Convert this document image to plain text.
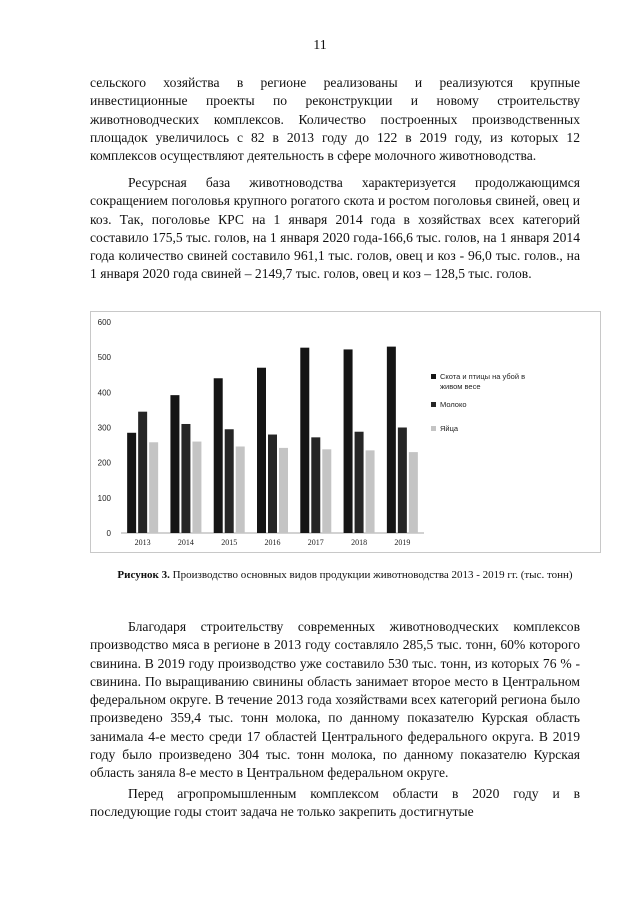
11

сельского хозяйства в регионе реализованы и реализуются крупные инвестиционные проекты по реконструкции и новому строительству животноводческих комплексов. Количество построенных производственных площадок увеличилось с 82 в 2013 году до 122 в 2019 году, из которых 12 комплексов осуществляют деятельность в сфере молочного животноводства.

Ресурсная база животноводства характеризуется продолжающимся сокращением поголовья крупного рогатого скота и ростом поголовья свиней, овец и коз. Так, поголовье КРС на 1 января 2014 года в хозяйствах всех категорий составило 175,5 тыс. голов, на 1 января 2020 года-166,6 тыс. голов, на 1 января 2014 года количество свиней составило 961,1 тыс. голов, овец и коз - 96,0 тыс. голов., на 1 января 2020 года свиней – 2149,7 тыс. голов, овец и коз – 128,5 тыс. голов.

0
100
200
300
400
500
600
2013	2014	2015	2016	2017	2018	2019
Скота и птицы на убой в живом весе
Молоко
Яйца
Рисунок 3. Производство основных видов продукции животноводства 2013 - 2019 гг. (тыс. тонн)

Благодаря строительству современных животноводческих комплексов производство мяса в регионе в 2013 году составляло 285,5 тыс. тонн, 60% которого свинина. В 2019 году производство уже составило 530 тыс. тонн, из которых 76 % - свинина. По выращиванию свинины область занимает второе место в Центральном федеральном округе. В течение 2013 года хозяйствами всех категорий региона было произведено 359,4 тыс. тонн молока, по данному показателю Курская область занимала 4-е место среди 17 областей Центрального федерального округа. В 2019 году было произведено 304 тыс. тонн молока, по данному показателю Курская область заняла 8-е место в Центральном федеральном округе.

Перед агропромышленным комплексом области в 2020 году и в последующие годы стоит задача не только закрепить достигнутые
